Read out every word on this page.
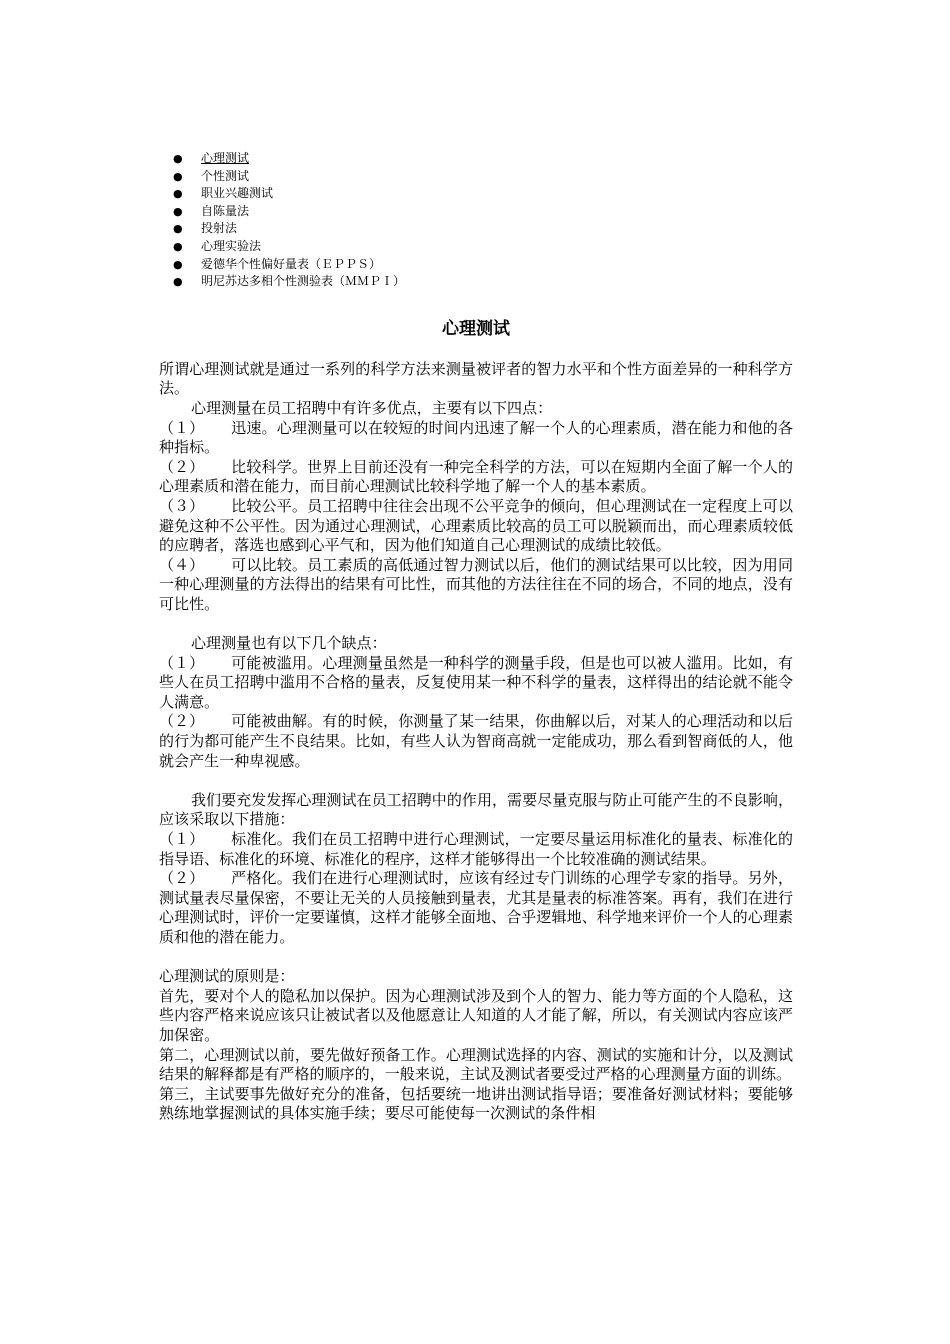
● 心理测试
● 个性测试
● 职业兴趣测试
● 自陈量法
● 投射法
● 心理实验法
● 爱德华个性偏好量表（ＥＰＰＳ）
● 明尼苏达多相个性测验表（ＭＭＰＩ）
心理测试

所谓心理测试就是通过一系列的科学方法来测量被评者的智力水平和个性方面差异的一种科学方法。

心理测量在员工招聘中有许多优点，主要有以下四点：

（１） 迅速。心理测量可以在较短的时间内迅速了解一个人的心理素质，潜在能力和他的各种指标。

（２） 比较科学。世界上目前还没有一种完全科学的方法，可以在短期内全面了解一个人的心理素质和潜在能力，而目前心理测试比较科学地了解一个人的基本素质。

（３） 比较公平。员工招聘中往往会出现不公平竞争的倾向，但心理测试在一定程度上可以避免这种不公平性。因为通过心理测试，心理素质比较高的员工可以脱颖而出，而心理素质较低的应聘者，落选也感到心平气和，因为他们知道自己心理测试的成绩比较低。

（４） 可以比较。员工素质的高低通过智力测试以后，他们的测试结果可以比较，因为用同一种心理测量的方法得出的结果有可比性，而其他的方法往往在不同的场合，不同的地点，没有可比性。

心理测量也有以下几个缺点：

（１） 可能被滥用。心理测量虽然是一种科学的测量手段，但是也可以被人滥用。比如，有些人在员工招聘中滥用不合格的量表，反复使用某一种不科学的量表，这样得出的结论就不能令人满意。

（２） 可能被曲解。有的时候，你测量了某一结果，你曲解以后，对某人的心理活动和以后的行为都可能产生不良结果。比如，有些人认为智商高就一定能成功，那么看到智商低的人，他就会产生一种卑视感。

我们要充发发挥心理测试在员工招聘中的作用，需要尽量克服与防止可能产生的不良影响，应该采取以下措施：

（１） 标准化。我们在员工招聘中进行心理测试，一定要尽量运用标准化的量表、标准化的指导语、标准化的环境、标准化的程序，这样才能够得出一个比较准确的测试结果。

（２） 严格化。我们在进行心理测试时，应该有经过专门训练的心理学专家的指导。另外，测试量表尽量保密，不要让无关的人员接触到量表，尤其是量表的标准答案。再有，我们在进行心理测试时，评价一定要谨慎，这样才能够全面地、合乎逻辑地、科学地来评价一个人的心理素质和他的潜在能力。

心理测试的原则是：

首先，要对个人的隐私加以保护。因为心理测试涉及到个人的智力、能力等方面的个人隐私，这些内容严格来说应该只让被试者以及他愿意让人知道的人才能了解，所以，有关测试内容应该严加保密。

第二，心理测试以前，要先做好预备工作。心理测试选择的内容、测试的实施和计分，以及测试结果的解释都是有严格的顺序的，一般来说，主试及测试者要受过严格的心理测量方面的训练。

第三，主试要事先做好充分的准备，包括要统一地讲出测试指导语；要准备好测试材料；要能够熟练地掌握测试的具体实施手续；要尽可能使每一次测试的条件相
